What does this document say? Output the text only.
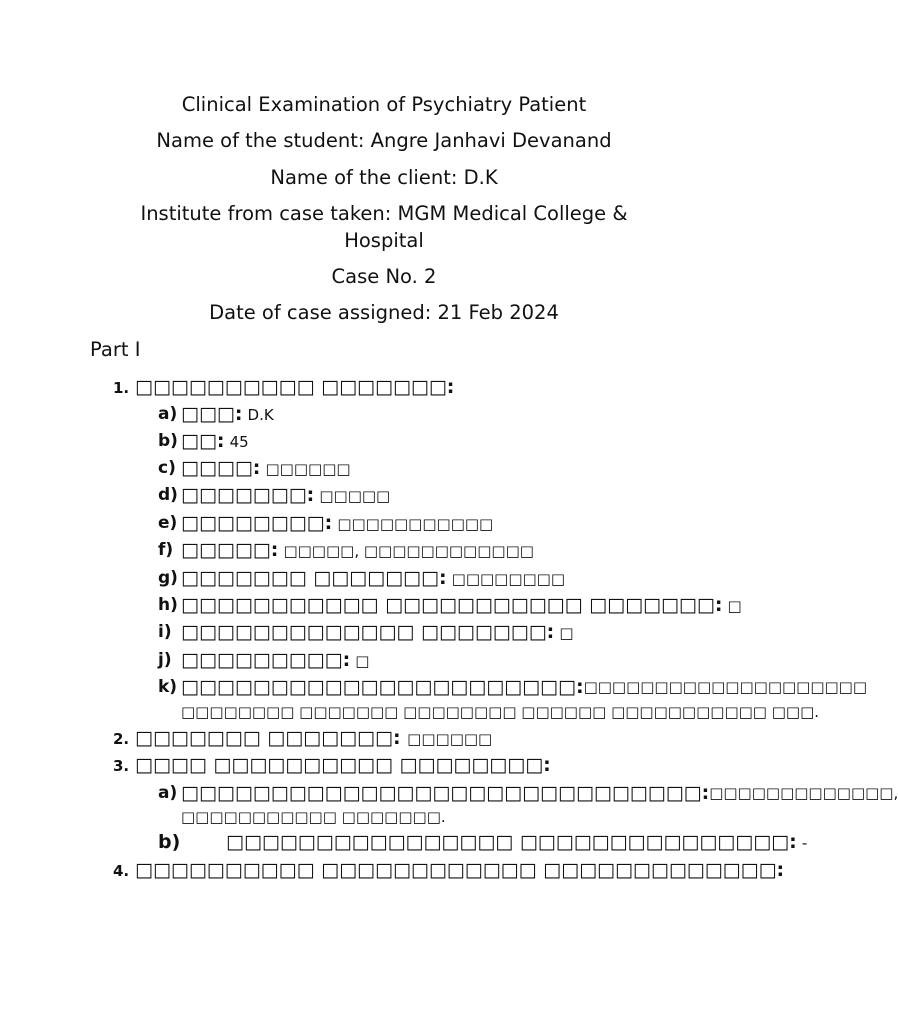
Clinical Examination of Psychiatry Patient
Name of the student: Angre Janhavi Devanand
Name of the client: D.K
Institute from case taken: MGM Medical College &
Hospital
Case No. 2
Date of case assigned: 21 Feb 2024
Part I
1. □□□□□□□□□□ □□□□□□□:
a) □□□: D.K
b) □□: 45
c) □□□□: □□□□□□
d) □□□□□□□: □□□□□
e) □□□□□□□□: □□□□□□□□□□□
f) □□□□□: □□□□□, □□□□□□□□□□□□
g) □□□□□□□ □□□□□□□: □□□□□□□□
h) □□□□□□□□□□□ □□□□□□□□□□□ □□□□□□□: □
i) □□□□□□□□□□□□□ □□□□□□□: □
j) □□□□□□□□□: □
k) □□□□□□□□ □□□□□□□ □□□□□□□: □□□□□□□□□ □□□□□□□□□□□
□□□□□□□□ □□□□□□□ □□□□□□□□ □□□□□□ □□□□□□□□□□□ □□□.
2. □□□□□□□ □□□□□□□: □□□□□□
3. □□□□ □□□□□□□□□□ □□□□□□□□:
a) □□□□□□□□□□□□ □□□□□□□□□□□□□□□□□: □□□□□□□□ □□□□□,
□□□□□□□□□□□ □□□□□□□.
b) □□□□□□□□□□□□□□□□ □□□□□□□□□□□□□□□: -
4. □□□□□□□□□□ □□□□□□□□□□□□ □□□□□□□□□□□□□:
